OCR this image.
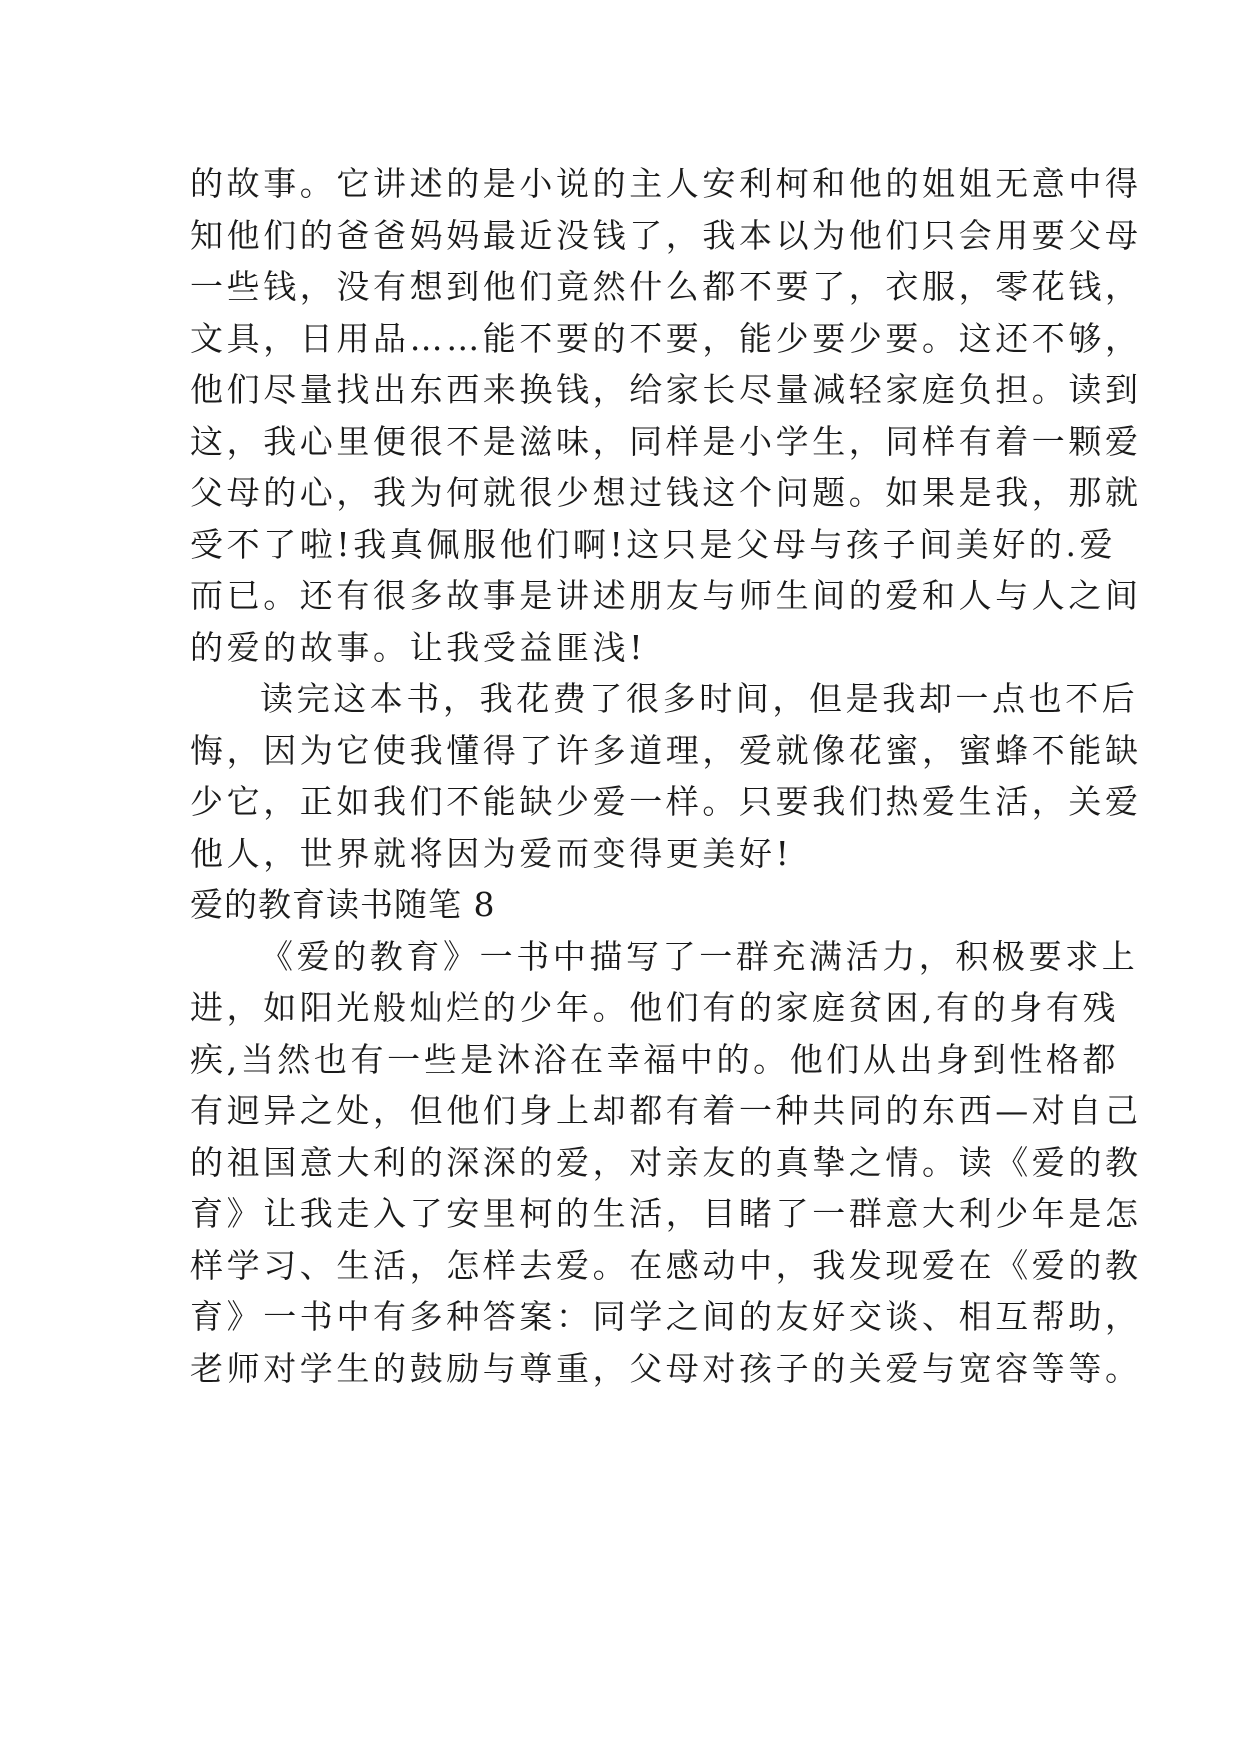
的故事。它讲述的是小说的主人安利柯和他的姐姐无意中得
知他们的爸爸妈妈最近没钱了，我本以为他们只会用要父母
一些钱，没有想到他们竟然什么都不要了，衣服，零花钱，
文具，日用品……能不要的不要，能少要少要。这还不够，
他们尽量找出东西来换钱，给家长尽量减轻家庭负担。读到
这，我心里便很不是滋味，同样是小学生，同样有着一颗爱
父母的心，我为何就很少想过钱这个问题。如果是我，那就
受不了啦!我真佩服他们啊!这只是父母与孩子间美好的.爱
而已。还有很多故事是讲述朋友与师生间的爱和人与人之间
的爱的故事。让我受益匪浅!
读完这本书，我花费了很多时间，但是我却一点也不后
悔，因为它使我懂得了许多道理，爱就像花蜜，蜜蜂不能缺
少它，正如我们不能缺少爱一样。只要我们热爱生活，关爱
他人，世界就将因为爱而变得更美好!
爱的教育读书随笔 8
《爱的教育》一书中描写了一群充满活力，积极要求上
进，如阳光般灿烂的少年。他们有的家庭贫困,有的身有残
疾,当然也有一些是沐浴在幸福中的。他们从出身到性格都
有迥异之处，但他们身上却都有着一种共同的东西—对自己
的祖国意大利的深深的爱，对亲友的真挚之情。读《爱的教
育》让我走入了安里柯的生活，目睹了一群意大利少年是怎
样学习、生活，怎样去爱。在感动中，我发现爱在《爱的教
育》一书中有多种答案：同学之间的友好交谈、相互帮助，
老师对学生的鼓励与尊重，父母对孩子的关爱与宽容等等。
